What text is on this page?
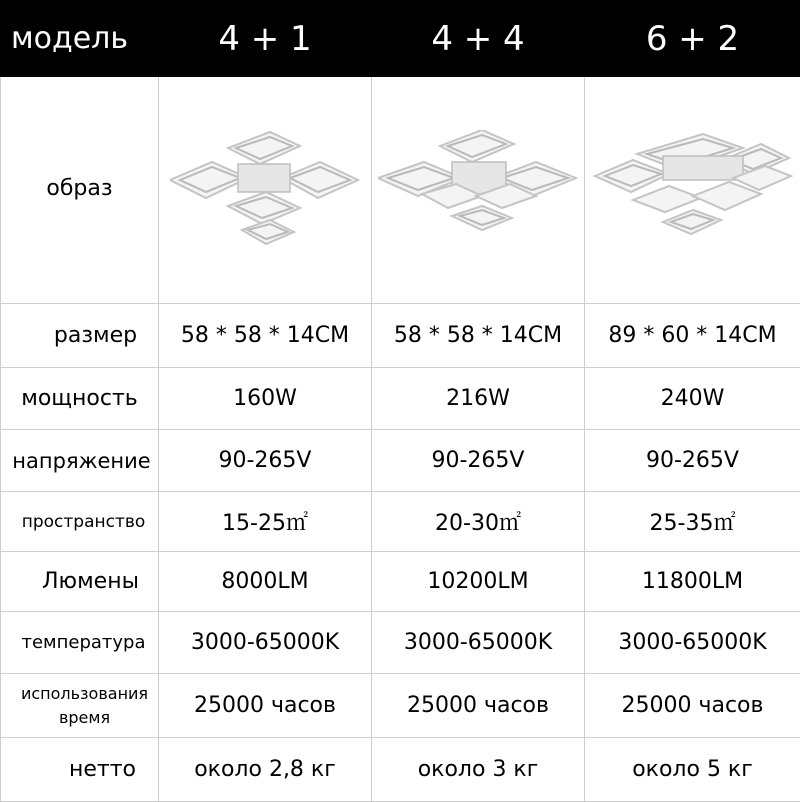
модель	4 + 1	4 + 4	6 + 2
образ	

размер	58 * 58 * 14CM	58 * 58 * 14CM	89 * 60 * 14CM
мощность	160W	216W	240W
напряжение	90-265V	90-265V	90-265V
пространство	15-25㎡	20-30㎡	25-35㎡
Люмены	8000LM	10200LM	11800LM
температура	3000-65000K	3000-65000K	3000-65000K

использования
время	25000 часов	25000 часов	25000 часов
нетто	около 2,8 кг	около 3 кг	около 5 кг
